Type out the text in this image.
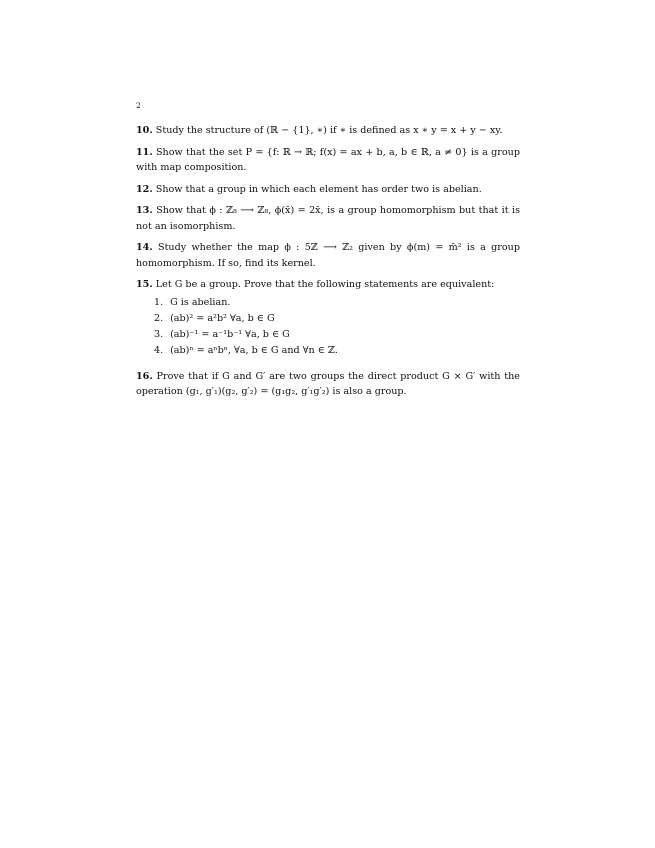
2
10. Study the structure of (ℝ − {1}, ∗) if ∗ is defined as x ∗ y = x + y − xy.
11. Show that the set P = {f: ℝ → ℝ; f(x) = ax + b, a, b ∈ ℝ, a ≠ 0} is a group with map composition.
12. Show that a group in which each element has order two is abelian.
13. Show that ϕ : ℤ₈ ⟶ ℤ₈, ϕ(x̄) = 2x̄, is a group homomorphism but that it is not an isomorphism.
14. Study whether the map ϕ : 5ℤ ⟶ ℤ₂ given by ϕ(m) = m̄² is a group homomorphism. If so, find its kernel.
15. Let G be a group. Prove that the following statements are equivalent:
1. G is abelian.
2. (ab)² = a²b² ∀a, b ∈ G
3. (ab)⁻¹ = a⁻¹b⁻¹ ∀a, b ∈ G
4. (ab)ⁿ = aⁿbⁿ, ∀a, b ∈ G and ∀n ∈ ℤ.
16. Prove that if G and G′ are two groups the direct product G × G′ with the operation (g₁, g′₁)(g₂, g′₂) = (g₁g₂, g′₁g′₂) is also a group.
